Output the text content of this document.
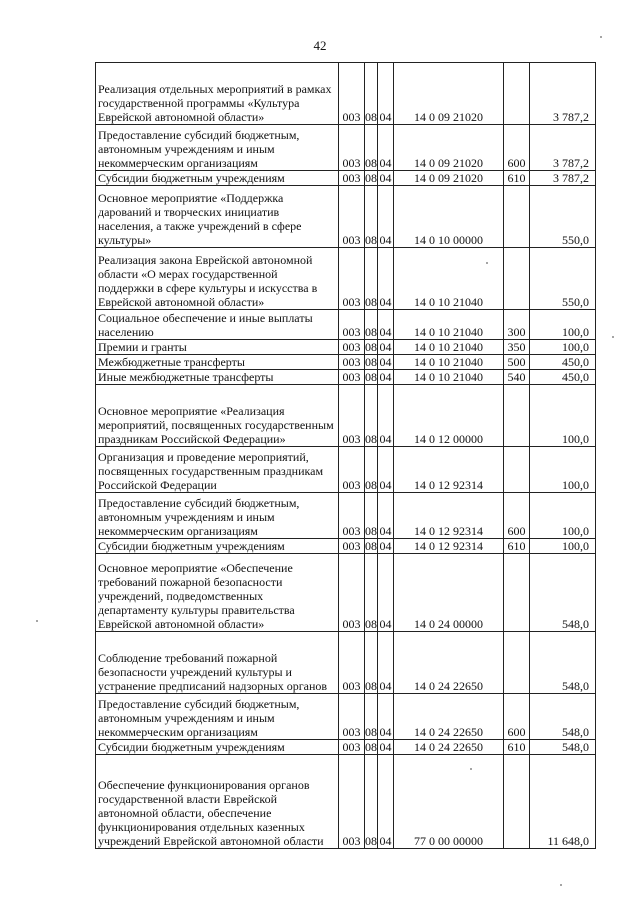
42
Реализация отдельных мероприятий в рамках государственной программы «Культура Еврейской автономной области»	003	08	04	14 0 09 21020		3 787,2
Предоставление субсидий бюджетным, автономным учреждениям и иным некоммерческим организациям	003	08	04	14 0 09 21020	600	3 787,2
Субсидии бюджетным учреждениям	003	08	04	14 0 09 21020	610	3 787,2
Основное мероприятие «Поддержка дарований и творческих инициатив населения, а также учреждений в сфере культуры»	003	08	04	14 0 10 00000		550,0
Реализация закона Еврейской автономной области «О мерах государственной поддержки в сфере культуры и искусства в Еврейской автономной области»	003	08	04	14 0 10 21040		550,0
Социальное обеспечение и иные выплаты населению	003	08	04	14 0 10 21040	300	100,0
Премии и гранты	003	08	04	14 0 10 21040	350	100,0
Межбюджетные трансферты	003	08	04	14 0 10 21040	500	450,0
Иные межбюджетные трансферты	003	08	04	14 0 10 21040	540	450,0
Основное мероприятие «Реализация мероприятий, посвященных государственным праздникам Российской Федерации»	003	08	04	14 0 12 00000		100,0
Организация и проведение мероприятий, посвященных государственным праздникам Российской Федерации	003	08	04	14 0 12 92314		100,0
Предоставление субсидий бюджетным, автономным учреждениям и иным некоммерческим организациям	003	08	04	14 0 12 92314	600	100,0
Субсидии бюджетным учреждениям	003	08	04	14 0 12 92314	610	100,0
Основное мероприятие «Обеспечение требований пожарной безопасности учреждений, подведомственных департаменту культуры правительства Еврейской автономной области»	003	08	04	14 0 24 00000		548,0
Соблюдение требований пожарной безопасности учреждений культуры и устранение предписаний надзорных органов	003	08	04	14 0 24 22650		548,0
Предоставление субсидий бюджетным, автономным учреждениям и иным некоммерческим организациям	003	08	04	14 0 24 22650	600	548,0
Субсидии бюджетным учреждениям	003	08	04	14 0 24 22650	610	548,0
Обеспечение функционирования органов государственной власти Еврейской автономной области, обеспечение функционирования отдельных казенных учреждений Еврейской автономной области	003	08	04	77 0 00 00000		11 648,0
